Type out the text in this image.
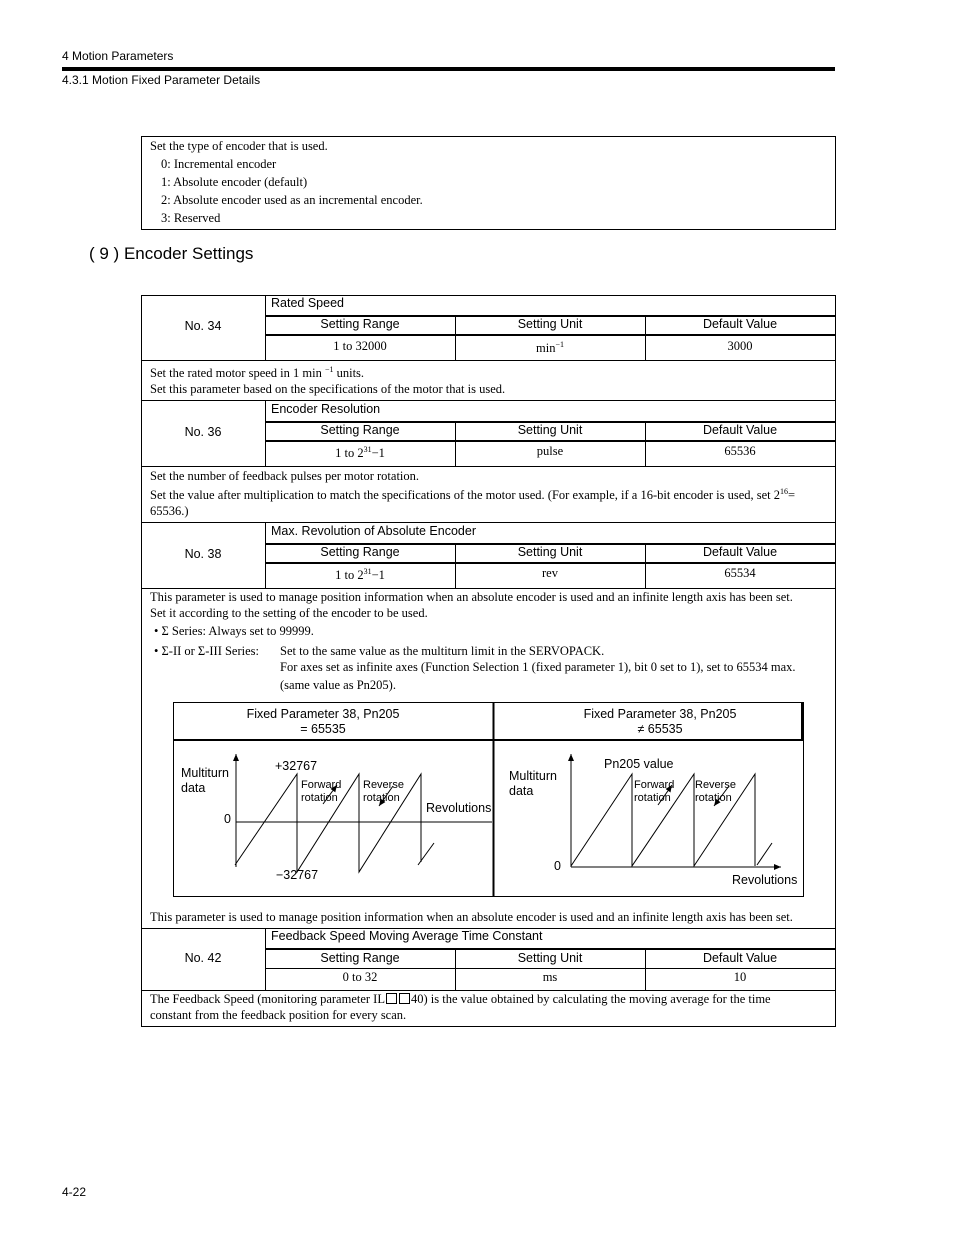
4 Motion Parameters
4.3.1 Motion Fixed Parameter Details
Set the type of encoder that is used.
0: Incremental encoder
1: Absolute encoder (default)
2: Absolute encoder used as an incremental encoder.
3: Reserved
( 9 ) Encoder Settings
No. 34
Rated Speed
Setting Range	Setting Unit	Default Value
1 to 32000	$\min^{-1}$	3000
Set the rated motor speed in 1 min $^{-1}$ units.
Set this parameter based on the specifications of the motor that is used.
No. 36
Encoder Resolution
Setting Range	Setting Unit	Default Value
1 to $2^{31}-1$	pulse	65536
Set the number of feedback pulses per motor rotation.
Set the value after multiplication to match the specifications of the motor used. (For example, if a 16-bit encoder is used, set $2^{16}=$
65536.)
No. 38
Max. Revolution of Absolute Encoder
Setting Range	Setting Unit	Default Value
1 to $2^{31}-1$	rev	65534
This parameter is used to manage position information when an absolute encoder is used and an infinite length axis has been set.
Set it according to the setting of the encoder to be used.
• Σ Series: Always set to 99999.
• Σ-II or Σ-III Series: Set to the same value as the multiturn limit in the SERVOPACK.
For axes set as infinite axes (Function Selection 1 (fixed parameter 1), bit 0 set to 1), set to 65534 max.
(same value as Pn205).
Fixed Parameter 38, Pn205
= 65535
Fixed Parameter 38, Pn205
≠ 65535
Multiturn
data
+32767
−32767
0
Forward
rotation
Reverse
rotation
Revolutions
Multiturn
data
Pn205 value
0
Forward
rotation
Reverse
rotation
Revolutions
This parameter is used to manage position information when an absolute encoder is used and an infinite length axis has been set.
No. 42
Feedback Speed Moving Average Time Constant
Setting Range	Setting Unit	Default Value
0 to 32	ms	10
The Feedback Speed (monitoring parameter IL 40) is the value obtained by calculating the moving average for the time
constant from the feedback position for every scan.
4-22
